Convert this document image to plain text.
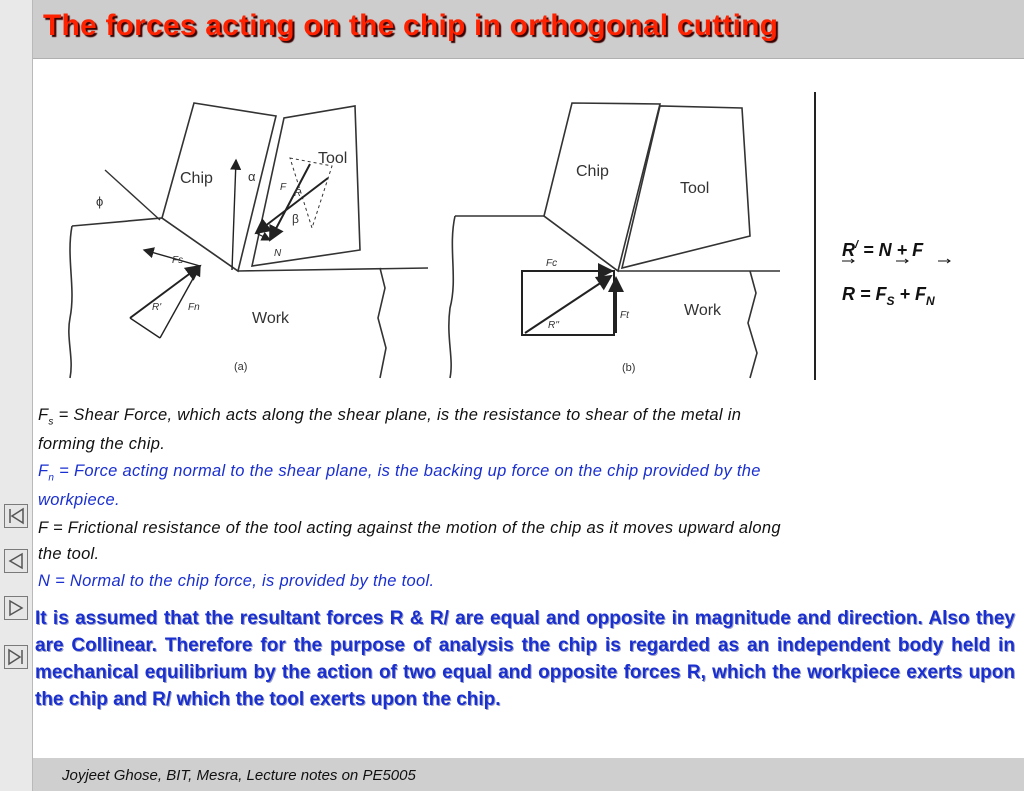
The forces acting on the chip in orthogonal cutting
Chip
Tool
Work
(a)
ϕ
α
β
Fs
Fn
R'
F
R
N
Chip
Tool
Work
(b)
Fc
Ft
R''
R/ = N + F
$R = F_S + F_N$

$F_s$ = Shear Force, which acts along the shear plane, is the resistance to shear of the metal in

forming the chip.

$F_n$ = Force acting normal to the shear plane, is the backing up force on the chip provided by the

workpiece.

F = Frictional resistance of the tool acting against the motion of the chip as it moves upward along

the tool.

N = Normal to the chip force, is provided by the tool.

It is assumed that the resultant forces R & R/ are equal and opposite in magnitude and direction. Also they are Collinear. Therefore for the purpose of analysis the chip is regarded as an independent body held in mechanical equilibrium by the action of two equal and opposite forces R, which the workpiece exerts upon the chip and R/ which the tool exerts upon the chip.

Joyjeet Ghose, BIT, Mesra, Lecture notes on PE5005
